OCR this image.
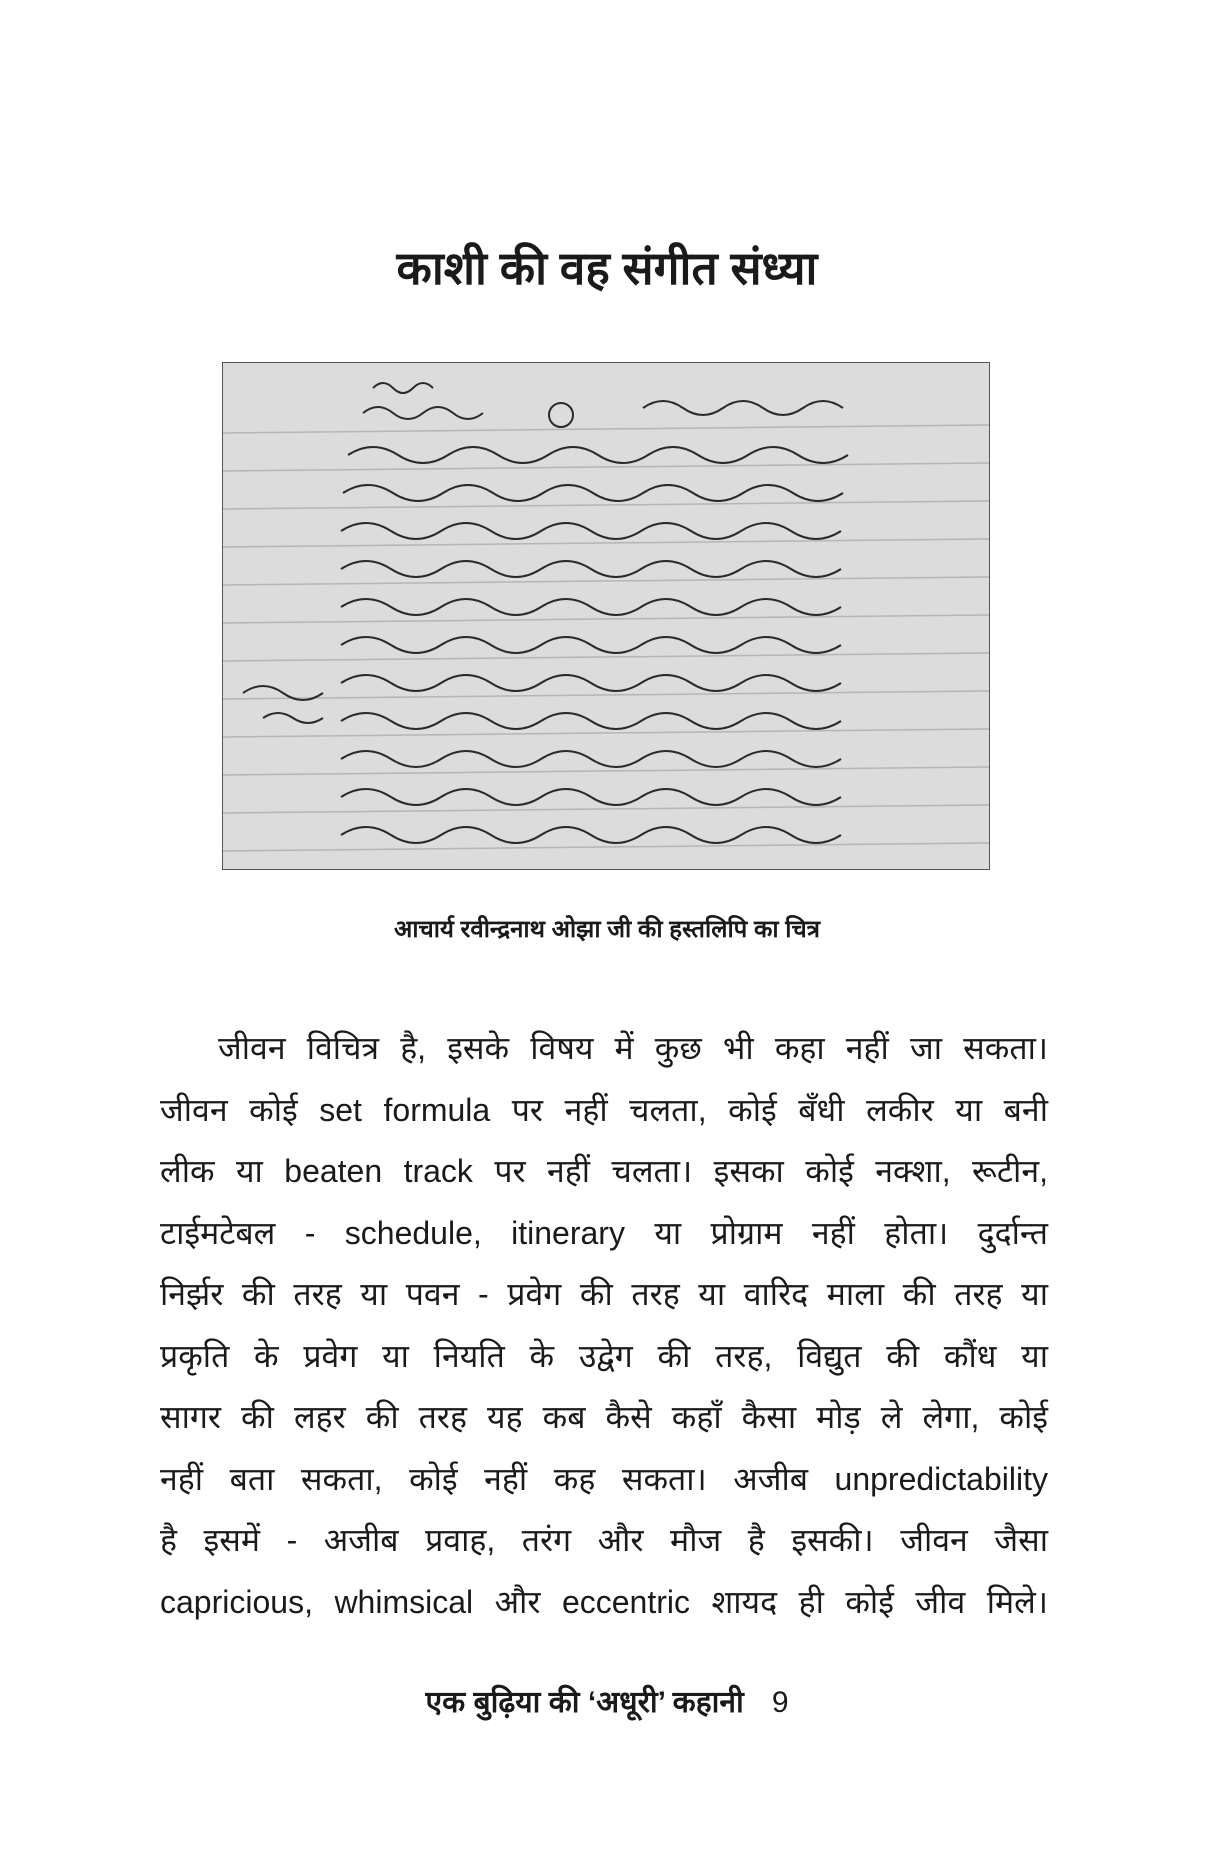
काशी की वह संगीत संध्या
आचार्य रवीन्द्रनाथ ओझा जी की हस्तलिपि का चित्र
जीवन विचित्र है, इसके विषय में कुछ भी कहा नहीं जा सकता।
जीवन कोई set formula पर नहीं चलता, कोई बँधी लकीर या बनी
लीक या beaten track पर नहीं चलता। इसका कोई नक्शा, रूटीन,
टाईमटेबल - schedule, itinerary या प्रोग्राम नहीं होता। दुर्दान्त
निर्झर की तरह या पवन - प्रवेग की तरह या वारिद माला की तरह या
प्रकृति के प्रवेग या नियति के उद्वेग की तरह, विद्युत की कौंध या
सागर की लहर की तरह यह कब कैसे कहाँ कैसा मोड़ ले लेगा, कोई
नहीं बता सकता, कोई नहीं कह सकता। अजीब unpredictability
है इसमें - अजीब प्रवाह, तरंग और मौज है इसकी। जीवन जैसा
capricious, whimsical और eccentric शायद ही कोई जीव मिले।
एक बुढ़िया की ‘अधूरी’ कहानी 9
